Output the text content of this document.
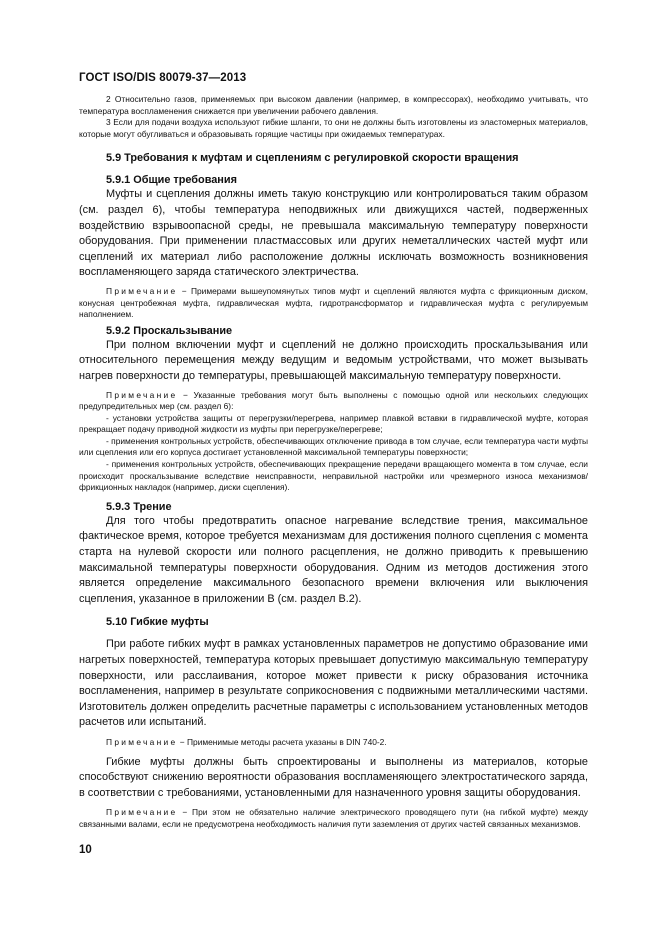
ГОСТ ISO/DIS 80079-37—2013

2 Относительно газов, применяемых при высоком давлении (например, в компрессорах), необходимо учитывать, что температура воспламенения снижается при увеличении рабочего давления.

3 Если для подачи воздуха используют гибкие шланги, то они не должны быть изготовлены из эластомерных материалов, которые могут обугливаться и образовывать горящие частицы при ожидаемых температурах.

5.9 Требования к муфтам и сцеплениям с регулировкой скорости вращения

5.9.1 Общие требования

Муфты и сцепления должны иметь такую конструкцию или контролироваться таким образом (см. раздел 6), чтобы температура неподвижных или движущихся частей, подверженных воздействию взрывоопасной среды, не превышала максимальную температуру поверхности оборудования. При применении пластмассовых или других неметаллических частей муфт или сцеплений их материал либо расположение должны исключать возможность возникновения воспламеняющего заряда статического электричества.

Примечание − Примерами вышеупомянутых типов муфт и сцеплений являются муфта с фрикционным диском, конусная центробежная муфта, гидравлическая муфта, гидротрансформатор и гидравлическая муфта с регулируемым наполнением.

5.9.2 Проскальзывание

При полном включении муфт и сцеплений не должно происходить проскальзывания или относительного перемещения между ведущим и ведомым устройствами, что может вызывать нагрев поверхности до температуры, превышающей максимальную температуру поверхности.

Примечание − Указанные требования могут быть выполнены с помощью одной или нескольких следующих предупредительных мер (см. раздел 6):

- установки устройства защиты от перегрузки/перегрева, например плавкой вставки в гидравлической муфте, которая прекращает подачу приводной жидкости из муфты при перегрузке/перегреве;

- применения контрольных устройств, обеспечивающих отключение привода в том случае, если температура части муфты или сцепления или его корпуса достигает установленной максимальной температуры поверхности;

- применения контрольных устройств, обеспечивающих прекращение передачи вращающего момента в том случае, если происходит проскальзывание вследствие неисправности, неправильной настройки или чрезмерного износа механизмов/фрикционных накладок (например, диски сцепления).

5.9.3 Трение

Для того чтобы предотвратить опасное нагревание вследствие трения, максимальное фактическое время, которое требуется механизмам для достижения полного сцепления с момента старта на нулевой скорости или полного расцепления, не должно приводить к превышению максимальной температуры поверхности оборудования. Одним из методов достижения этого является определение максимального безопасного времени включения или выключения сцепления, указанное в приложении В (см. раздел В.2).

5.10 Гибкие муфты

При работе гибких муфт в рамках установленных параметров не допустимо образование ими нагретых поверхностей, температура которых превышает допустимую максимальную температуру поверхности, или расслаивания, которое может привести к риску образования источника воспламенения, например в результате соприкосновения с подвижными металлическими частями. Изготовитель должен определить расчетные параметры с использованием установленных методов расчетов или испытаний.

Примечание − Применимые методы расчета указаны в DIN 740-2.

Гибкие муфты должны быть спроектированы и выполнены из материалов, которые способствуют снижению вероятности образования воспламеняющего электростатического заряда, в соответствии с требованиями, установленными для назначенного уровня защиты оборудования.

Примечание − При этом не обязательно наличие электрического проводящего пути (на гибкой муфте) между связанными валами, если не предусмотрена необходимость наличия пути заземления от других частей связанных механизмов.

10
